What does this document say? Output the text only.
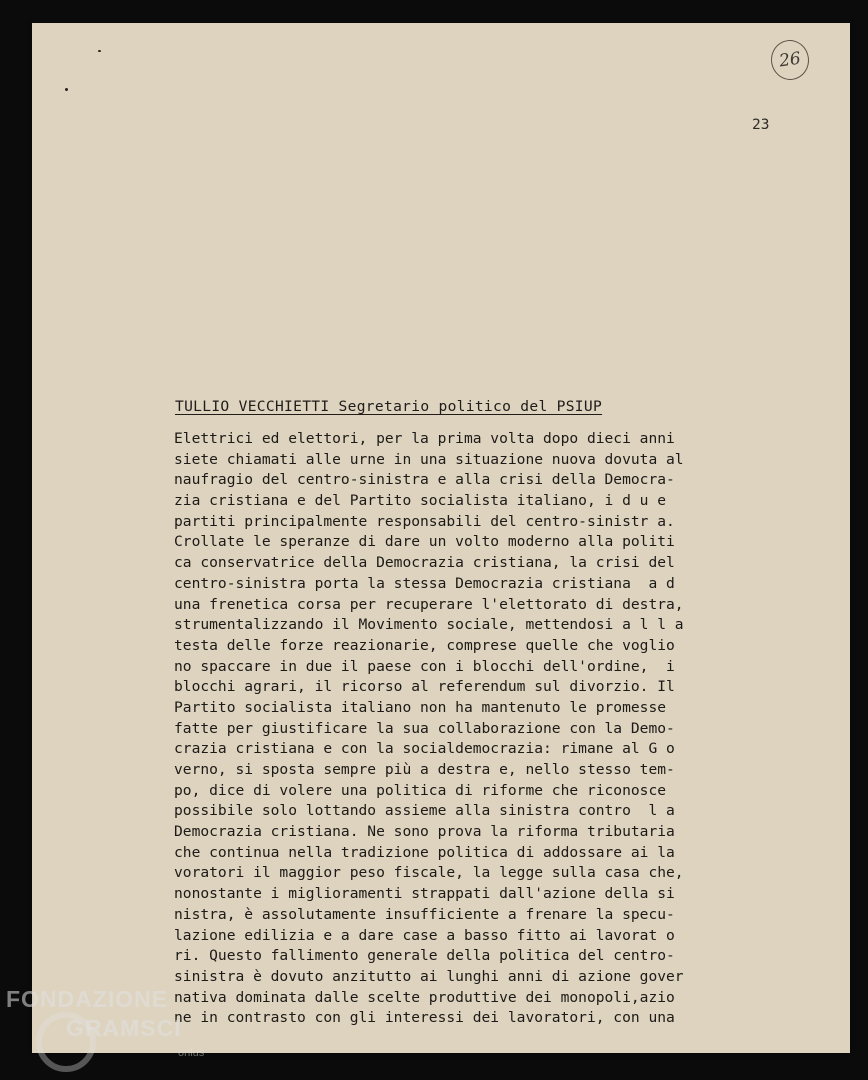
26
23
TULLIO VECCHIETTI Segretario politico del PSIUP
Elettrici ed elettori, per la prima volta dopo dieci anni
siete chiamati alle urne in una situazione nuova dovuta al
naufragio del centro-sinistra e alla crisi della Democra-
zia cristiana e del Partito socialista italiano, i d u e
partiti principalmente responsabili del centro-sinistr a.
Crollate le speranze di dare un volto moderno alla politi
ca conservatrice della Democrazia cristiana, la crisi del
centro-sinistra porta la stessa Democrazia cristiana  a d
una frenetica corsa per recuperare l'elettorato di destra,
strumentalizzando il Movimento sociale, mettendosi a l l a
testa delle forze reazionarie, comprese quelle che voglio
no spaccare in due il paese con i blocchi dell'ordine,  i
blocchi agrari, il ricorso al referendum sul divorzio. Il
Partito socialista italiano non ha mantenuto le promesse
fatte per giustificare la sua collaborazione con la Demo-
crazia cristiana e con la socialdemocrazia: rimane al G o
verno, si sposta sempre più a destra e, nello stesso tem-
po, dice di volere una politica di riforme che riconosce
possibile solo lottando assieme alla sinistra contro  l a
Democrazia cristiana. Ne sono prova la riforma tributaria
che continua nella tradizione politica di addossare ai la
voratori il maggior peso fiscale, la legge sulla casa che,
nonostante i miglioramenti strappati dall'azione della si
nistra, è assolutamente insufficiente a frenare la specu-
lazione edilizia e a dare case a basso fitto ai lavorat o
ri. Questo fallimento generale della politica del centro-
sinistra è dovuto anzitutto ai lunghi anni di azione gover
nativa dominata dalle scelte produttive dei monopoli,azio
ne in contrasto con gli interessi dei lavoratori, con una
FONDAZIONE
GRAMSCI
onlus
